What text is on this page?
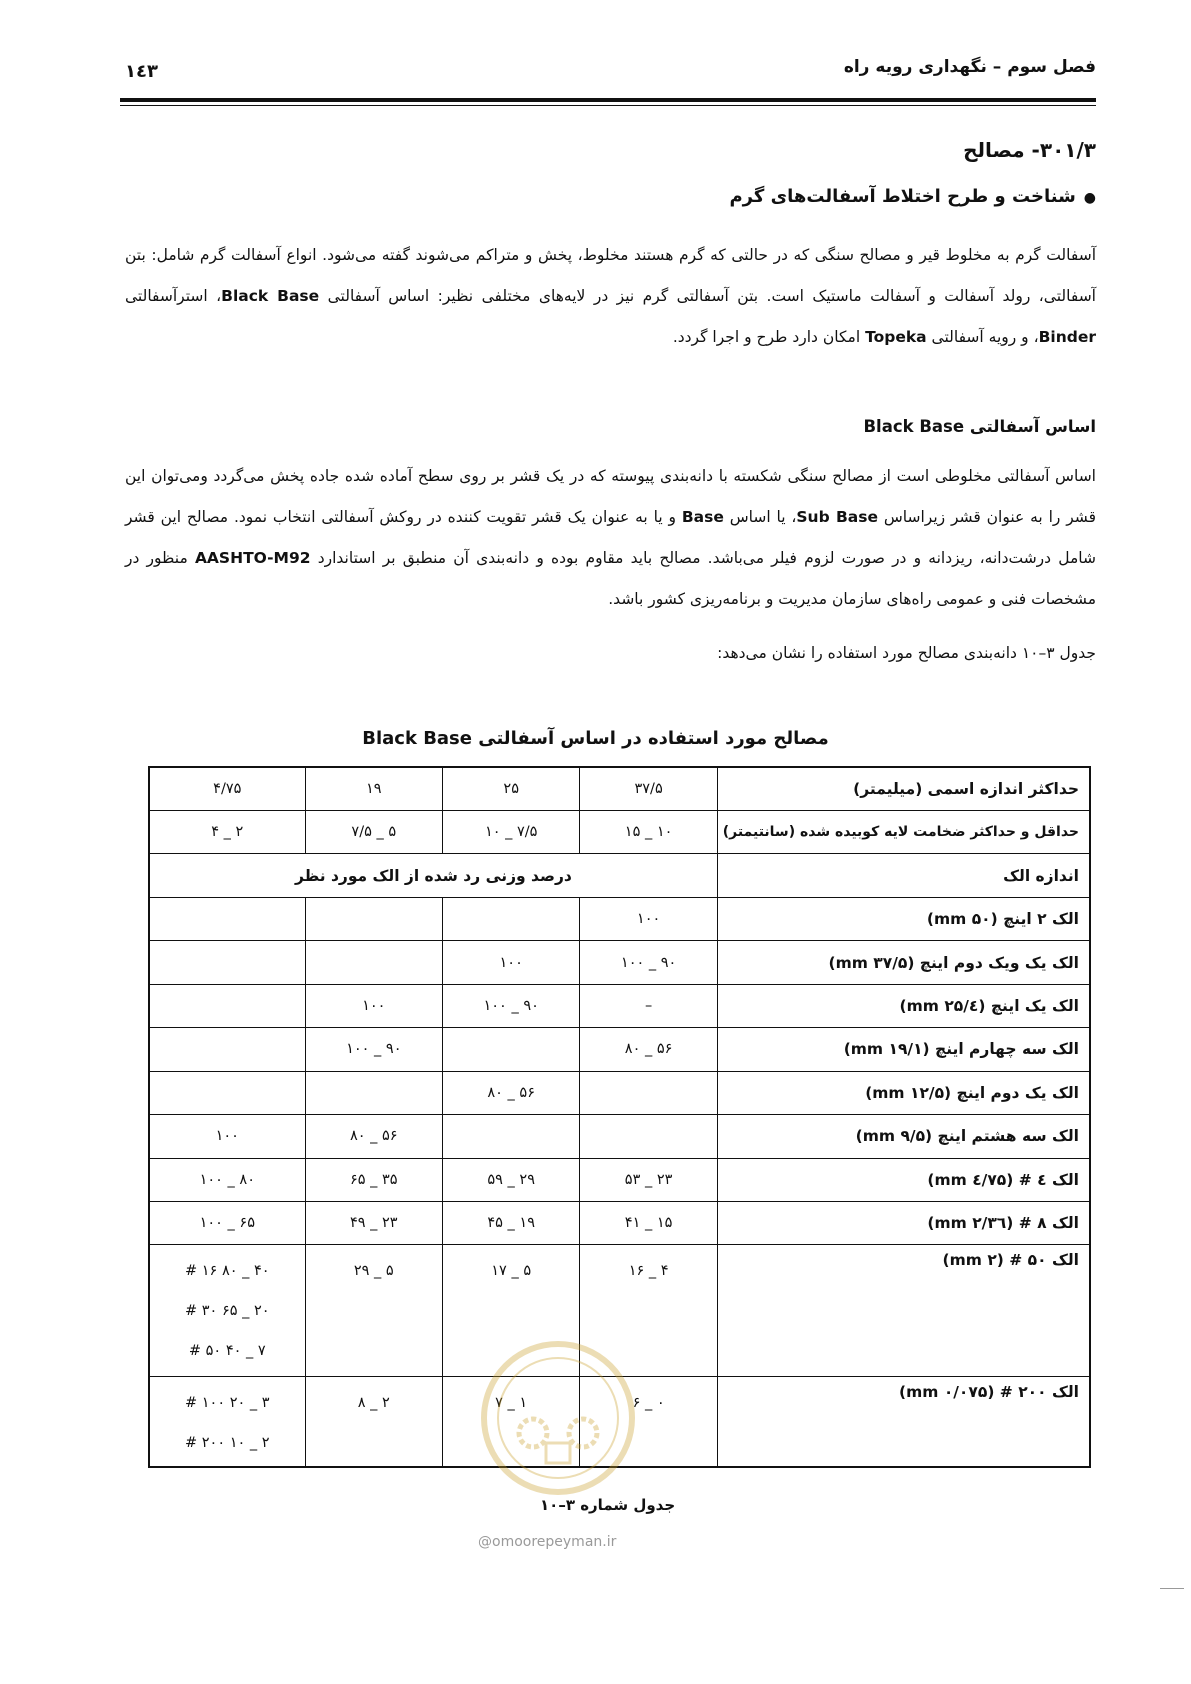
فصل سوم – نگهداری رویه راه
۱٤۳
۳۰۱/۳- مصالح
●شناخت و طرح اختلاط آسفالت‌های گرم
آسفالت گرم به مخلوط قیر و مصالح سنگی که در حالتی که گرم هستند مخلوط، پخش و متراکم می‌شوند گفته می‌شود. انواع آسفالت گرم شامل: بتن آسفالتی، رولد آسفالت و آسفالت ماستیک است. بتن آسفالتی گرم نیز در لایه‌های مختلفی نظیر: اساس آسفالتی Black Base، استرآسفالتی Binder، و رویه آسفالتی Topeka امکان دارد طرح و اجرا گردد.
اساس آسفالتی Black Base
اساس آسفالتی مخلوطی است از مصالح سنگی شکسته با دانه‌بندی پیوسته که در یک قشر بر روی سطح آماده شده جاده پخش می‌گردد و‌می‌توان این قشر را به عنوان قشر زیراساس Sub Base، یا اساس Base و یا به عنوان یک قشر تقویت کننده در روکش آسفالتی انتخاب نمود. مصالح این قشر شامل درشت‌دانه، ریزدانه و در صورت لزوم فیلر می‌باشد. مصالح باید مقاوم بوده و دانه‌بندی آن منطبق بر استاندارد AASHTO-M92 منظور در مشخصات فنی و عمومی راه‌های سازمان مدیریت و برنامه‌ریزی کشور باشد.
جدول ۳–۱۰ دانه‌بندی مصالح مورد استفاده را نشان می‌دهد:
مصالح مورد استفاده در اساس آسفالتی Black Base
حداکثر اندازه اسمی (میلیمتر)	۳۷/۵	۲۵	۱۹	۴/۷۵
حداقل و حداکثر ضخامت لایه کوبیده شده (سانتیمتر)	۱۰ _ ۱۵	۷/۵ _ ۱۰	۵ _ ۷/۵	۲ _ ۴
اندازه الک	درصد وزنی رد شده از الک مورد نظر			
الک ۲ اینچ (۵۰ mm)	۱۰۰			

الک یک ویک دوم اینچ (۳۷/۵ mm)	۹۰ _ ۱۰۰	۱۰۰		

الک یک اینچ (۲۵/٤ mm)	–	۹۰ _ ۱۰۰	۱۰۰	

الک سه چهارم اینچ (۱۹/۱ mm)	۵۶ _ ۸۰		۹۰ _ ۱۰۰	

الک یک دوم اینچ (۱۲/۵ mm)		۵۶ _ ۸۰		

الک سه هشتم اینچ (۹/۵ mm)			۵۶ _ ۸۰	۱۰۰

الک ٤ # (٤/۷۵ mm)	۲۳ _ ۵۳	۲۹ _ ۵۹	۳۵ _ ۶۵	۸۰ _ ۱۰۰

الک ۸ # (۲/۳٦ mm)	۱۵ _ ۴۱	۱۹ _ ۴۵	۲۳ _ ۴۹	۶۵ _ ۱۰۰

الک ۵۰ # (۲ mm)	۴ _ ۱۶	۵ _ ۱۷	۵ _ ۲۹	۴۰ _ ۸۰ ۱۶ #
۲۰ _ ۶۵ ۳۰ #
۷ _ ۴۰ ۵۰ #

الک ۲۰۰ # (۰/۰۷۵ mm)	۰ _ ۶	۱ _ ۷	۲ _ ۸	۳ _ ۲۰ ۱۰۰ #
۲ _ ۱۰ ۲۰۰ #
جدول شماره ۳–۱۰
@omoorepeyman.ir
